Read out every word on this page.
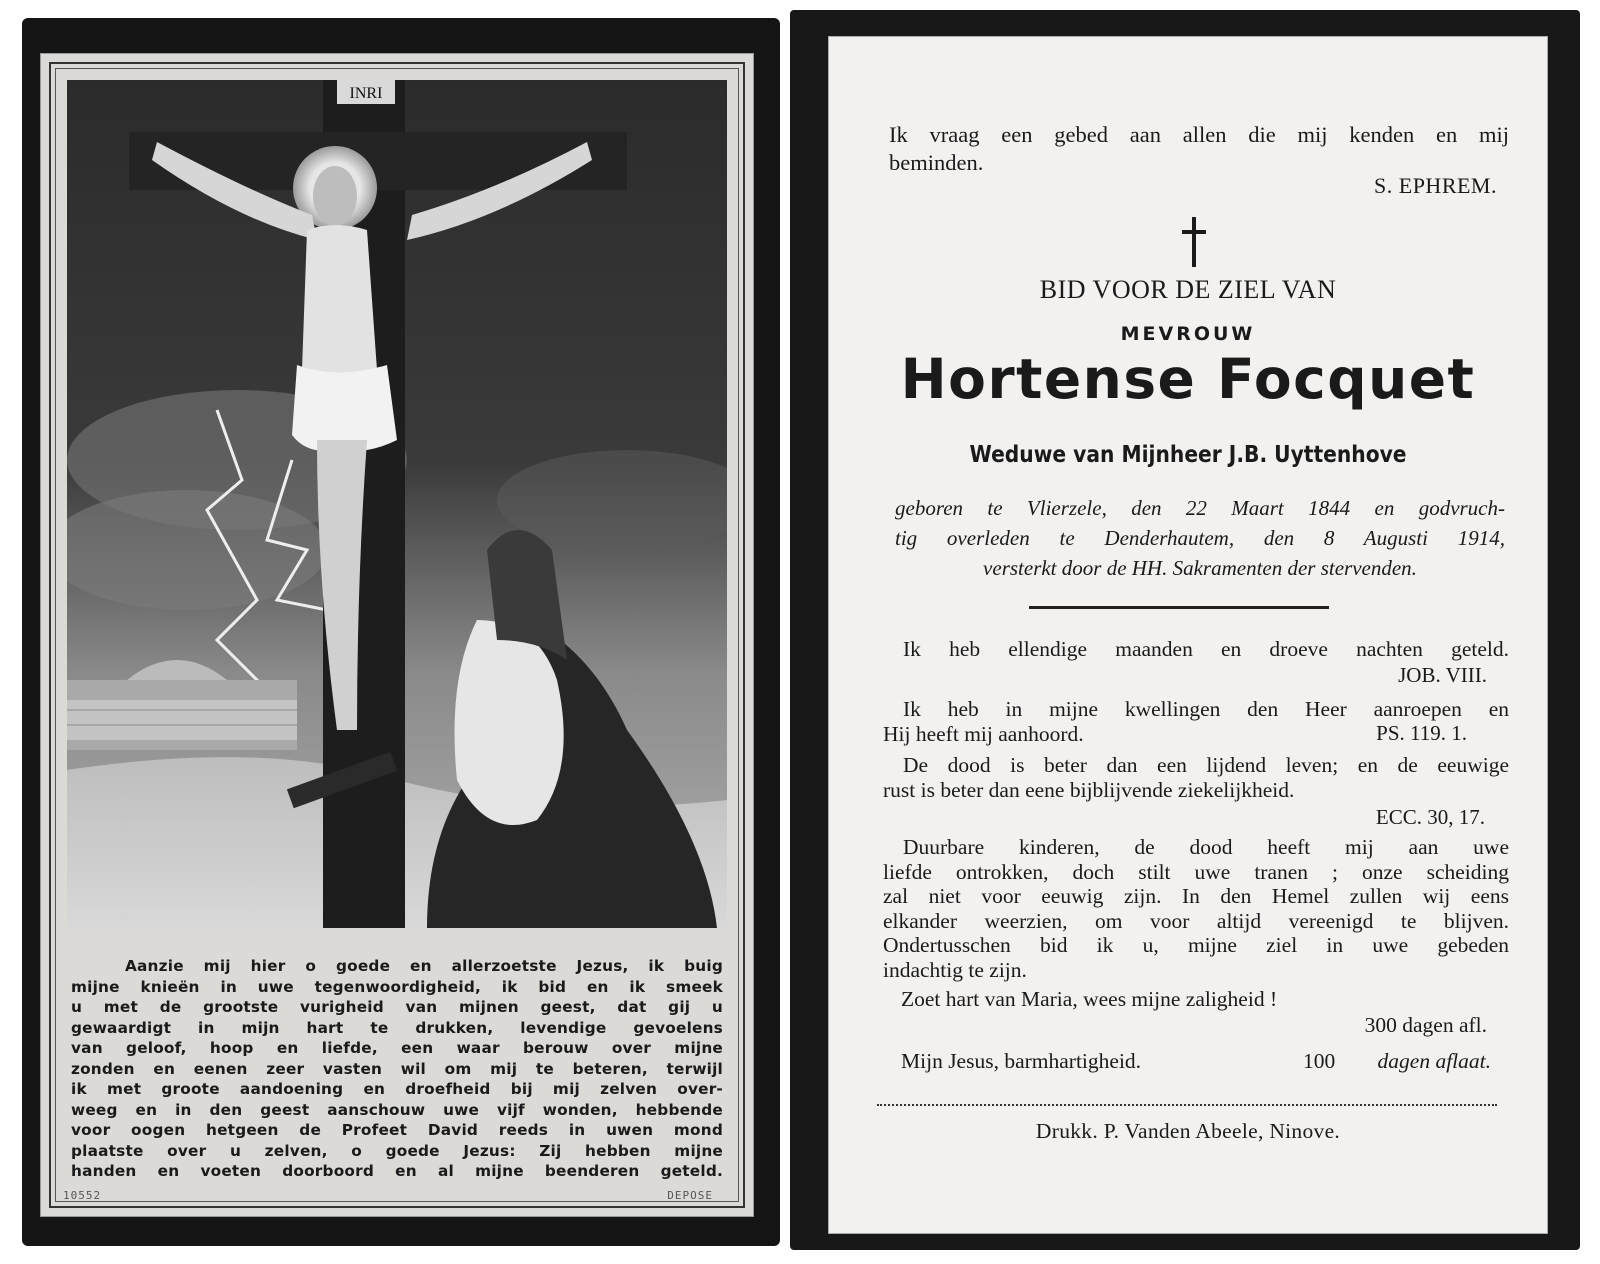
INRI
Aanzie mij hier o goede en allerzoetste Jezus, ik buig
mijne knieën in uwe tegenwoordigheid, ik bid en ik smeek
u met de grootste vurigheid van mijnen geest, dat gij u
gewaardigt in mijn hart te drukken, levendige gevoelens
van geloof, hoop en liefde, een waar berouw over mijne
zonden en eenen zeer vasten wil om mij te beteren, terwijl
ik met groote aandoening en droefheid bij mij zelven over-
weeg en in den geest aanschouw uwe vijf wonden, hebbende
voor oogen hetgeen de Profeet David reeds in uwen mond
plaatste over u zelven, o goede Jezus: Zij hebben mijne
handen en voeten doorboord en al mijne beenderen geteld.
10552	DEPOSE
Ik vraag een gebed aan allen die mij kenden en mij
beminden.
S. EPHREM.
BID VOOR DE ZIEL VAN
MEVROUW
Hortense Focquet
Weduwe van Mijnheer J.B. Uyttenhove
geboren te Vlierzele, den 22 Maart 1844 en godvruch-
tig overleden te Denderhautem, den 8 Augusti 1914,
versterkt door de HH. Sakramenten der stervenden.
Ik heb ellendige maanden en droeve nachten geteld.
JOB. VIII.
Ik heb in mijne kwellingen den Heer aanroepen en
Hij heeft mij aanhoord.	PS. 119. 1.
De dood is beter dan een lijdend leven; en de eeuwige
rust is beter dan eene bijblijvende ziekelijkheid.
ECC. 30, 17.
Duurbare kinderen, de dood heeft mij aan uwe
liefde ontrokken, doch stilt uwe tranen ; onze scheiding
zal niet voor eeuwig zijn. In den Hemel zullen wij eens
elkander weerzien, om voor altijd vereenigd te blijven.
Ondertusschen bid ik u, mijne ziel in uwe gebeden
indachtig te zijn.
Zoet hart van Maria, wees mijne zaligheid !
300 dagen afl.
Mijn Jesus, barmhartigheid.	100 dagen aflaat.
Drukk. P. Vanden Abeele, Ninove.
